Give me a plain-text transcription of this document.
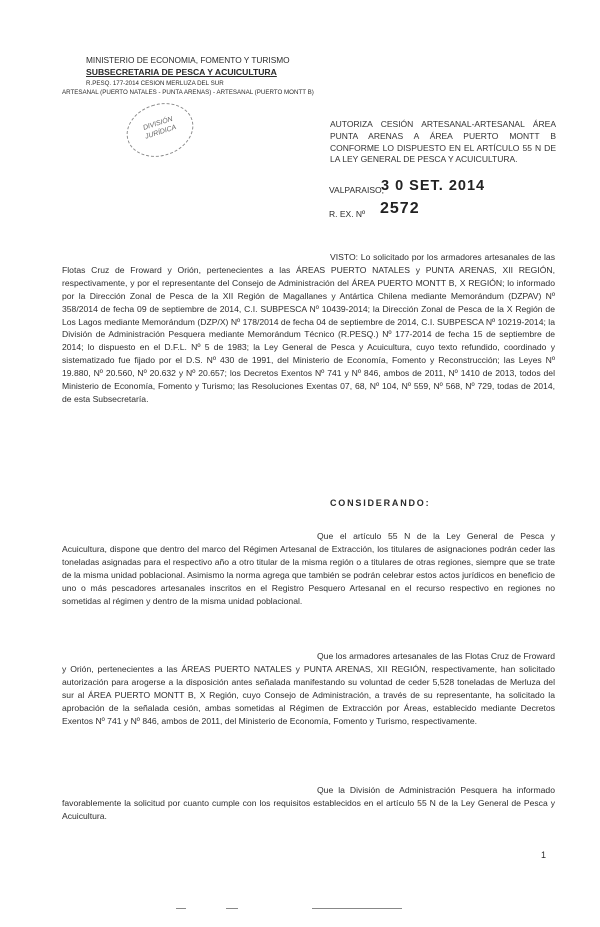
MINISTERIO DE ECONOMIA, FOMENTO Y TURISMO
SUBSECRETARIA DE PESCA Y ACUICULTURA
R.PESQ. 177-2014 CESION MERLUZA DEL SUR
ARTESANAL (PUERTO NATALES - PUNTA ARENAS) - ARTESANAL (PUERTO MONTT B)
DIVISIÓN JURÍDICA
AUTORIZA CESIÓN ARTESANAL-ARTESANAL ÁREA PUNTA ARENAS A ÁREA PUERTO MONTT B CONFORME LO DISPUESTO EN EL ARTÍCULO 55 N DE LA LEY GENERAL DE PESCA Y ACUICULTURA.
VALPARAISO,
3 0 SET. 2014
R. EX. Nº 2572
VISTO: Lo solicitado por los armadores artesanales de las Flotas Cruz de Froward y Orión, pertenecientes a las ÁREAS PUERTO NATALES y PUNTA ARENAS, XII REGIÓN, respectivamente, y por el representante del Consejo de Administración del ÁREA PUERTO MONTT B, X REGIÓN; lo informado por la Dirección Zonal de Pesca de la XII Región de Magallanes y Antártica Chilena mediante Memorándum (DZPAV) Nº 358/2014 de fecha 09 de septiembre de 2014, C.I. SUBPESCA Nº 10439-2014; la Dirección Zonal de Pesca de la X Región de Los Lagos mediante Memorándum (DZP/X) Nº 178/2014 de fecha 04 de septiembre de 2014, C.I. SUBPESCA Nº 10219-2014; la División de Administración Pesquera mediante Memorándum Técnico (R.PESQ.) Nº 177-2014 de fecha 15 de septiembre de 2014; lo dispuesto en el D.F.L. Nº 5 de 1983; la Ley General de Pesca y Acuicultura, cuyo texto refundido, coordinado y sistematizado fue fijado por el D.S. Nº 430 de 1991, del Ministerio de Economía, Fomento y Reconstrucción; las Leyes Nº 19.880, Nº 20.560, Nº 20.632 y Nº 20.657; los Decretos Exentos Nº 741 y Nº 846, ambos de 2011, Nº 1410 de 2013, todos del Ministerio de Economía, Fomento y Turismo; las Resoluciones Exentas 07, 68, Nº 104, Nº 559, Nº 568, Nº 729, todas de 2014, de esta Subsecretaría.
CONSIDERANDO:
Que el artículo 55 N de la Ley General de Pesca y Acuicultura, dispone que dentro del marco del Régimen Artesanal de Extracción, los titulares de asignaciones podrán ceder las toneladas asignadas para el respectivo año a otro titular de la misma región o a titulares de otras regiones, siempre que se trate de la misma unidad poblacional. Asimismo la norma agrega que también se podrán celebrar estos actos jurídicos en beneficio de uno o más pescadores artesanales inscritos en el Registro Pesquero Artesanal en el recurso respectivo en regiones no sometidas al régimen y dentro de la misma unidad poblacional.
Que los armadores artesanales de las Flotas Cruz de Froward y Orión, pertenecientes a las ÁREAS PUERTO NATALES y PUNTA ARENAS, XII REGIÓN, respectivamente, han solicitado autorización para arogerse a la disposición antes señalada manifestando su voluntad de ceder 5,528 toneladas de Merluza del sur al ÁREA PUERTO MONTT B, X Región, cuyo Consejo de Administración, a través de su representante, ha solicitado la aprobación de la señalada cesión, ambas sometidas al Régimen de Extracción por Áreas, establecido mediante Decretos Exentos Nº 741 y Nº 846, ambos de 2011, del Ministerio de Economía, Fomento y Turismo, respectivamente.
Que la División de Administración Pesquera ha informado favorablemente la solicitud por cuanto cumple con los requisitos establecidos en el artículo 55 N de la Ley General de Pesca y Acuicultura.
1
